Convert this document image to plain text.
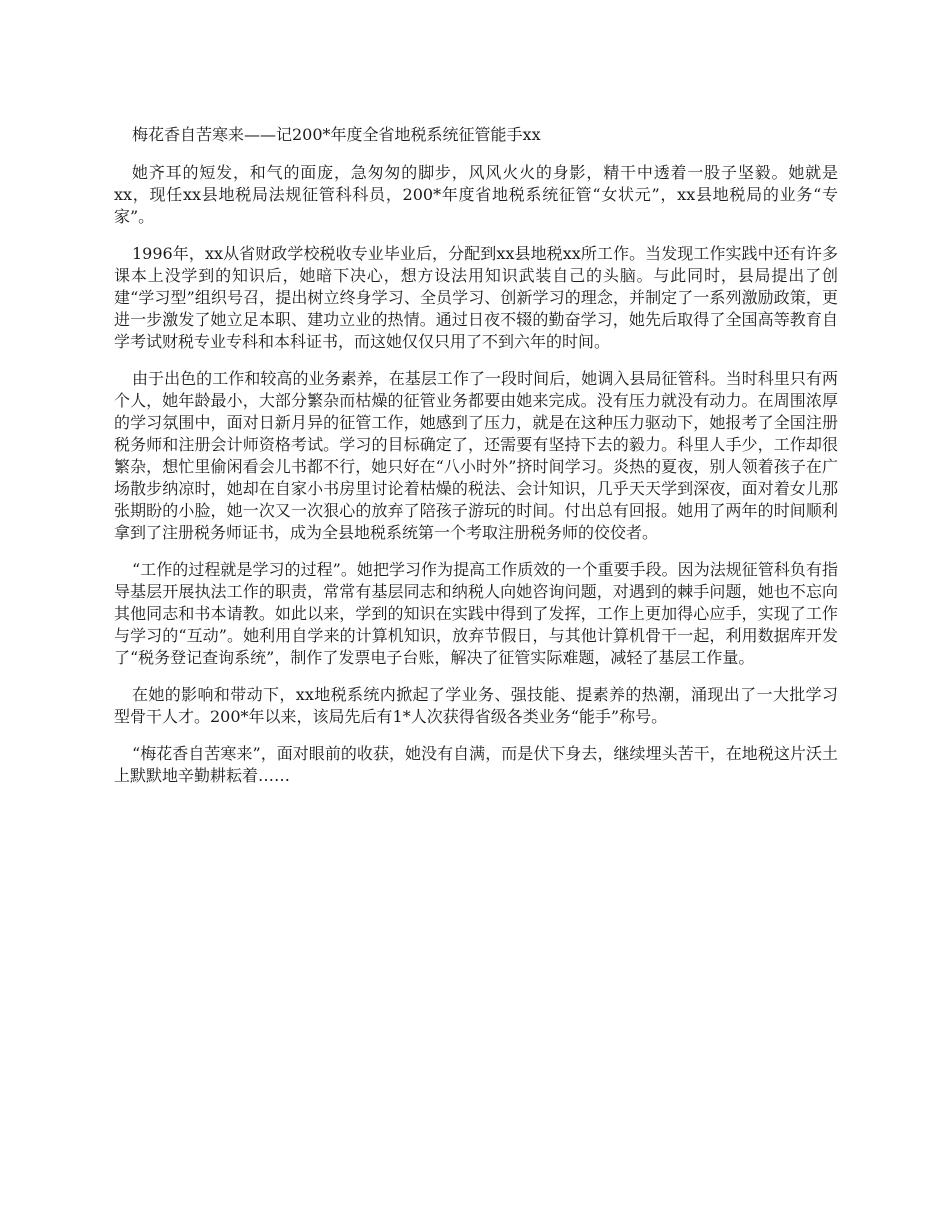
梅花香自苦寒来——记200*年度全省地税系统征管能手xx

她齐耳的短发，和气的面庞，急匆匆的脚步，风风火火的身影，精干中透着一股子坚毅。她就是xx，现任xx县地税局法规征管科科员，200*年度省地税系统征管“女状元”，xx县地税局的业务“专家”。

1996年，xx从省财政学校税收专业毕业后，分配到xx县地税xx所工作。当发现工作实践中还有许多课本上没学到的知识后，她暗下决心，想方设法用知识武装自己的头脑。与此同时，县局提出了创建“学习型”组织号召，提出树立终身学习、全员学习、创新学习的理念，并制定了一系列激励政策，更进一步激发了她立足本职、建功立业的热情。通过日夜不辍的勤奋学习，她先后取得了全国高等教育自学考试财税专业专科和本科证书，而这她仅仅只用了不到六年的时间。

由于出色的工作和较高的业务素养，在基层工作了一段时间后，她调入县局征管科。当时科里只有两个人，她年龄最小，大部分繁杂而枯燥的征管业务都要由她来完成。没有压力就没有动力。在周围浓厚的学习氛围中，面对日新月异的征管工作，她感到了压力，就是在这种压力驱动下，她报考了全国注册税务师和注册会计师资格考试。学习的目标确定了，还需要有坚持下去的毅力。科里人手少，工作却很繁杂，想忙里偷闲看会儿书都不行，她只好在“八小时外”挤时间学习。炎热的夏夜，别人领着孩子在广场散步纳凉时，她却在自家小书房里讨论着枯燥的税法、会计知识，几乎天天学到深夜，面对着女儿那张期盼的小脸，她一次又一次狠心的放弃了陪孩子游玩的时间。付出总有回报。她用了两年的时间顺利拿到了注册税务师证书，成为全县地税系统第一个考取注册税务师的佼佼者。

“工作的过程就是学习的过程”。她把学习作为提高工作质效的一个重要手段。因为法规征管科负有指导基层开展执法工作的职责，常常有基层同志和纳税人向她咨询问题，对遇到的棘手问题，她也不忘向其他同志和书本请教。如此以来，学到的知识在实践中得到了发挥，工作上更加得心应手，实现了工作与学习的“互动”。她利用自学来的计算机知识，放弃节假日，与其他计算机骨干一起，利用数据库开发了“税务登记查询系统”，制作了发票电子台账，解决了征管实际难题，减轻了基层工作量。

在她的影响和带动下，xx地税系统内掀起了学业务、强技能、提素养的热潮，涌现出了一大批学习型骨干人才。200*年以来，该局先后有1*人次获得省级各类业务“能手”称号。

“梅花香自苦寒来”，面对眼前的收获，她没有自满，而是伏下身去，继续埋头苦干，在地税这片沃土上默默地辛勤耕耘着……
